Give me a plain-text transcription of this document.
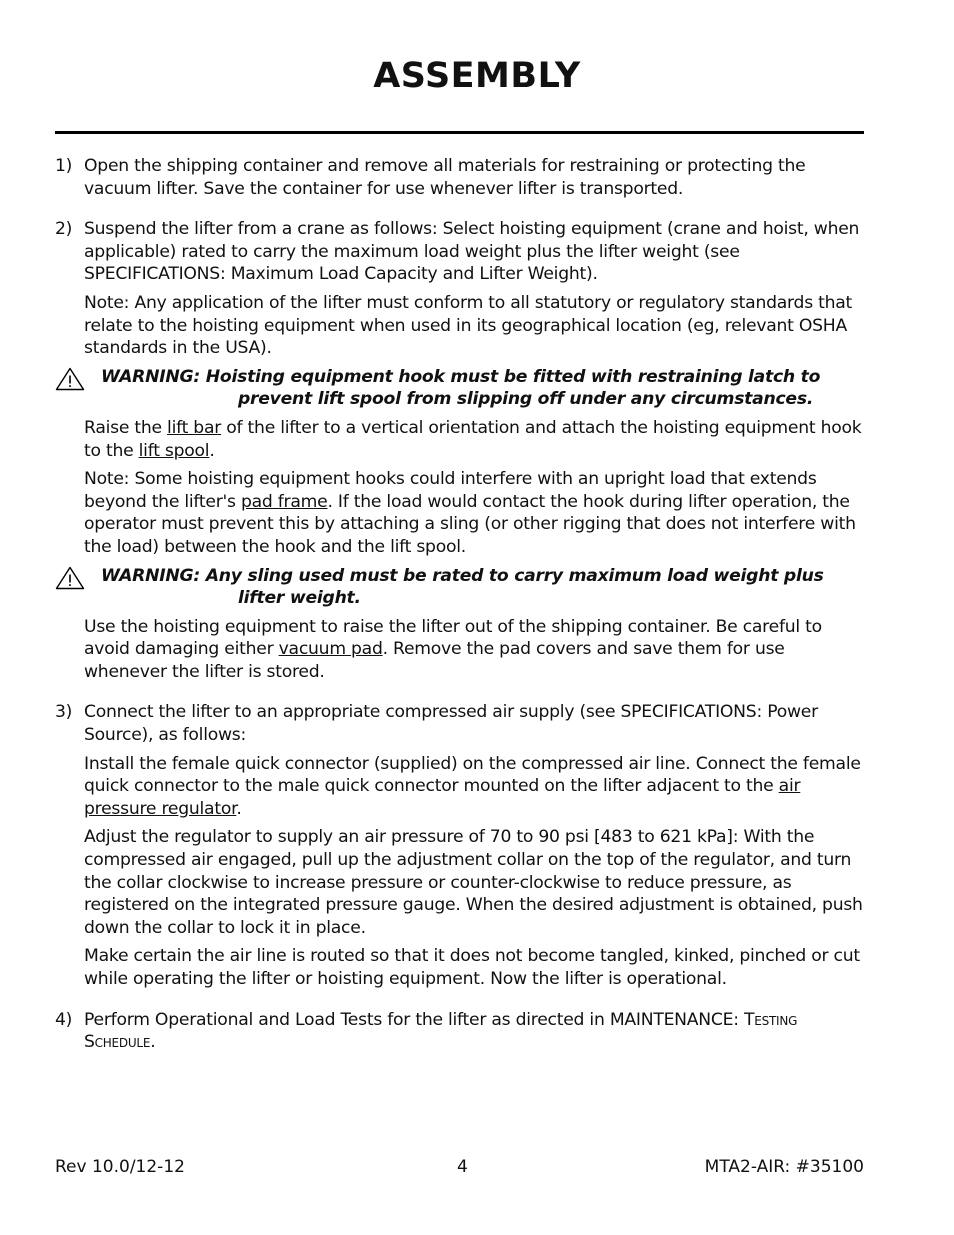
ASSEMBLY
1) Open the shipping container and remove all materials for restraining or protecting the vacuum lifter. Save the container for use whenever lifter is transported.

2) Suspend the lifter from a crane as follows: Select hoisting equipment (crane and hoist, when applicable) rated to carry the maximum load weight plus the lifter weight (see SPECIFICATIONS: Maximum Load Capacity and Lifter Weight).

Note: Any application of the lifter must conform to all statutory or regulatory standards that relate to the hoisting equipment when used in its geographical location (eg, relevant OSHA standards in the USA).

WARNING: Hoisting equipment hook must be fitted with restraining latch to
prevent lift spool from slipping off under any circumstances.

Raise the lift bar of the lifter to a vertical orientation and attach the hoisting equipment hook to the lift spool.

Note: Some hoisting equipment hooks could interfere with an upright load that extends beyond the lifter's pad frame. If the load would contact the hook during lifter operation, the operator must prevent this by attaching a sling (or other rigging that does not interfere with the load) between the hook and the lift spool.

WARNING: Any sling used must be rated to carry maximum load weight plus
lifter weight.

Use the hoisting equipment to raise the lifter out of the shipping container. Be careful to avoid damaging either vacuum pad. Remove the pad covers and save them for use whenever the lifter is stored.

3) Connect the lifter to an appropriate compressed air supply (see SPECIFICATIONS: Power Source), as follows:

Install the female quick connector (supplied) on the compressed air line. Connect the female quick connector to the male quick connector mounted on the lifter adjacent to the air pressure regulator.

Adjust the regulator to supply an air pressure of 70 to 90 psi [483 to 621 kPa]: With the compressed air engaged, pull up the adjustment collar on the top of the regulator, and turn the collar clockwise to increase pressure or counter-clockwise to reduce pressure, as registered on the integrated pressure gauge. When the desired adjustment is obtained, push down the collar to lock it in place.

Make certain the air line is routed so that it does not become tangled, kinked, pinched or cut while operating the lifter or hoisting equipment. Now the lifter is operational.

4) Perform Operational and Load Tests for the lifter as directed in MAINTENANCE: Testing Schedule.

Rev 10.0/12-12	4	MTA2-AIR: #35100
